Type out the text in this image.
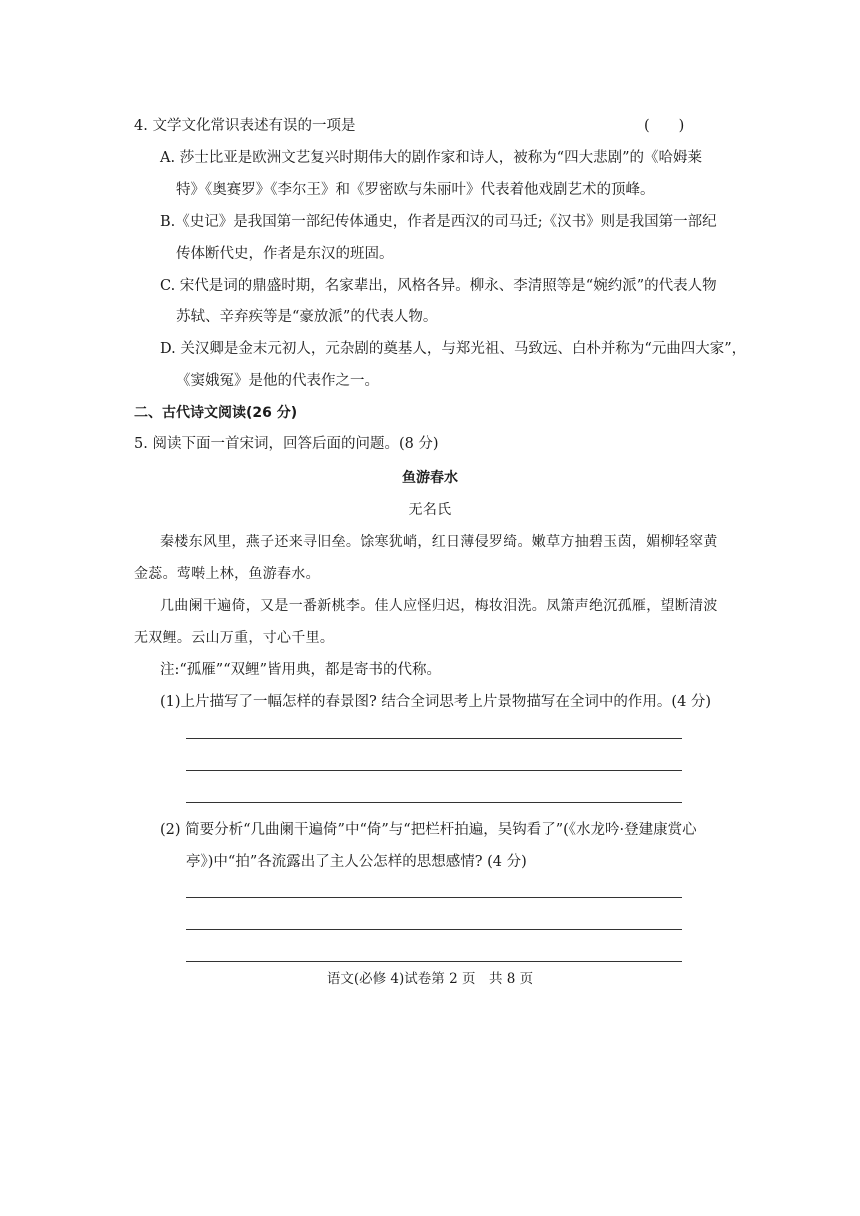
4. 文学文化常识表述有误的一项是	(　　)
A. 莎士比亚是欧洲文艺复兴时期伟大的剧作家和诗人，被称为“四大悲剧”的《哈姆莱
特》《奥赛罗》《李尔王》和《罗密欧与朱丽叶》代表着他戏剧艺术的顶峰。
B.《史记》是我国第一部纪传体通史，作者是西汉的司马迁;《汉书》则是我国第一部纪
传体断代史，作者是东汉的班固。
C. 宋代是词的鼎盛时期，名家辈出，风格各异。柳永、李清照等是“婉约派”的代表人物
苏轼、辛弃疾等是“豪放派”的代表人物。
D. 关汉卿是金末元初人，元杂剧的奠基人，与郑光祖、马致远、白朴并称为“元曲四大家”，
《窦娥冤》是他的代表作之一。
二、古代诗文阅读(26 分)
5. 阅读下面一首宋词，回答后面的问题。(8 分)
鱼游春水
无名氏
秦楼东风里，燕子还来寻旧垒。馀寒犹峭，红日薄侵罗绮。嫩草方抽碧玉茵，媚柳轻窣黄
金蕊。莺啭上林，鱼游春水。
几曲阑干遍倚，又是一番新桃李。佳人应怪归迟，梅妆泪洗。凤箫声绝沉孤雁，望断清波
无双鲤。云山万重，寸心千里。
注:“孤雁”“双鲤”皆用典，都是寄书的代称。
(1)上片描写了一幅怎样的春景图? 结合全词思考上片景物描写在全词中的作用。(4 分)
(2) 简要分析“几曲阑干遍倚”中“倚”与“把栏杆拍遍，吴钩看了”(《水龙吟·登建康赏心
亭》)中“拍”各流露出了主人公怎样的思想感情? (4 分)
语文(必修 4)试卷第 2 页　共 8 页
